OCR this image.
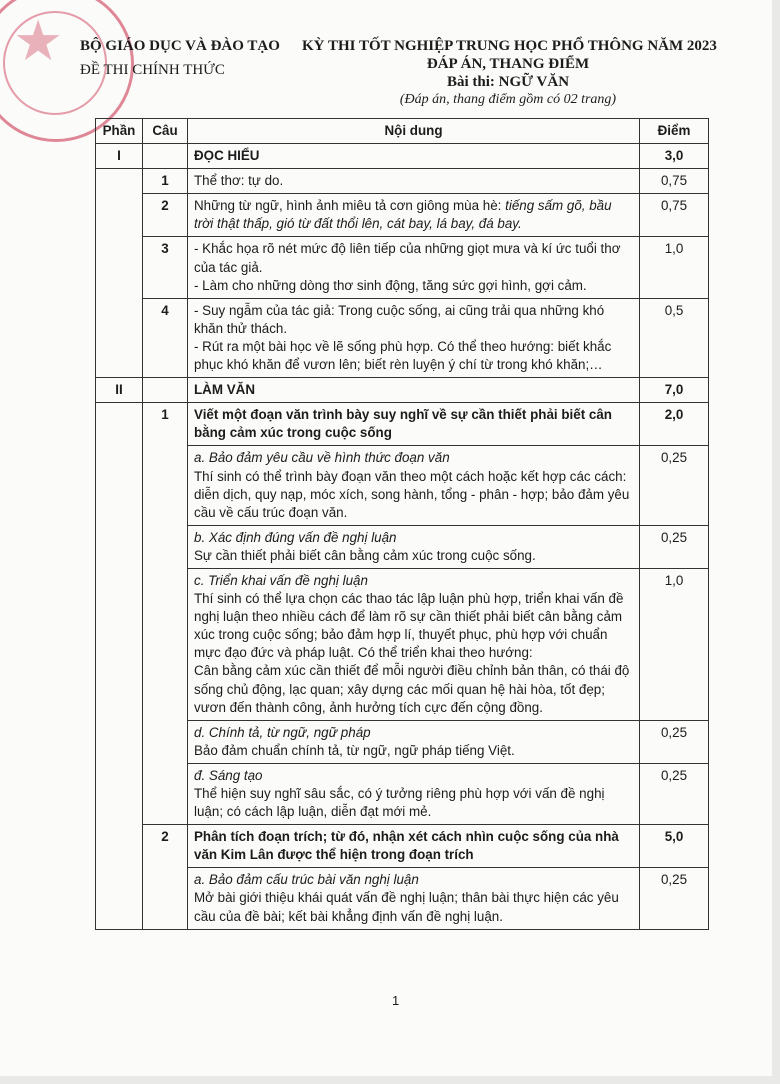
★ BỘ GIÁO DỤC VÀ ĐÀO TẠO
ĐỀ THI CHÍNH THỨC
KỲ THI TỐT NGHIỆP TRUNG HỌC PHỔ THÔNG NĂM 2023
ĐÁP ÁN, THANG ĐIỂM
Bài thi: NGỮ VĂN
(Đáp án, thang điểm gồm có 02 trang)
Phần	Câu	Nội dung	Điểm
I		ĐỌC HIỂU	3,0
	1	Thể thơ: tự do.	0,75
	2	Những từ ngữ, hình ảnh miêu tả cơn giông mùa hè: tiếng sấm gõ, bầu trời thật thấp, gió từ đất thổi lên, cát bay, lá bay, đá bay.	0,75
	3	- Khắc họa rõ nét mức độ liên tiếp của những giọt mưa và kí ức tuổi thơ của tác giả.
- Làm cho những dòng thơ sinh động, tăng sức gợi hình, gợi cảm.	1,0
	4	- Suy ngẫm của tác giả: Trong cuộc sống, ai cũng trải qua những khó khăn thử thách.
- Rút ra một bài học về lẽ sống phù hợp. Có thể theo hướng: biết khắc phục khó khăn để vươn lên; biết rèn luyện ý chí từ trong khó khăn;…	0,5
II		LÀM VĂN	7,0
	1	Viết một đoạn văn trình bày suy nghĩ về sự cần thiết phải biết cân bằng cảm xúc trong cuộc sống	2,0

		a. Bảo đảm yêu cầu về hình thức đoạn văn
Thí sinh có thể trình bày đoạn văn theo một cách hoặc kết hợp các cách: diễn dịch, quy nạp, móc xích, song hành, tổng - phân - hợp; bảo đảm yêu cầu về cấu trúc đoạn văn.	0,25

		b. Xác định đúng vấn đề nghị luận
Sự cần thiết phải biết cân bằng cảm xúc trong cuộc sống.	0,25

		c. Triển khai vấn đề nghị luận
Thí sinh có thể lựa chọn các thao tác lập luận phù hợp, triển khai vấn đề nghị luận theo nhiều cách để làm rõ sự cần thiết phải biết cân bằng cảm xúc trong cuộc sống; bảo đảm hợp lí, thuyết phục, phù hợp với chuẩn mực đạo đức và pháp luật. Có thể triển khai theo hướng:
Cân bằng cảm xúc cần thiết để mỗi người điều chỉnh bản thân, có thái độ sống chủ động, lạc quan; xây dựng các mối quan hệ hài hòa, tốt đẹp; vươn đến thành công, ảnh hưởng tích cực đến cộng đồng.	1,0

		d. Chính tả, từ ngữ, ngữ pháp
Bảo đảm chuẩn chính tả, từ ngữ, ngữ pháp tiếng Việt.	0,25

		đ. Sáng tạo
Thể hiện suy nghĩ sâu sắc, có ý tưởng riêng phù hợp với vấn đề nghị luận; có cách lập luận, diễn đạt mới mẻ.	0,25
	2	Phân tích đoạn trích; từ đó, nhận xét cách nhìn cuộc sống của nhà văn Kim Lân được thể hiện trong đoạn trích	5,0

		a. Bảo đảm cấu trúc bài văn nghị luận
Mở bài giới thiệu khái quát vấn đề nghị luận; thân bài thực hiện các yêu cầu của đề bài; kết bài khẳng định vấn đề nghị luận.	0,25
1
